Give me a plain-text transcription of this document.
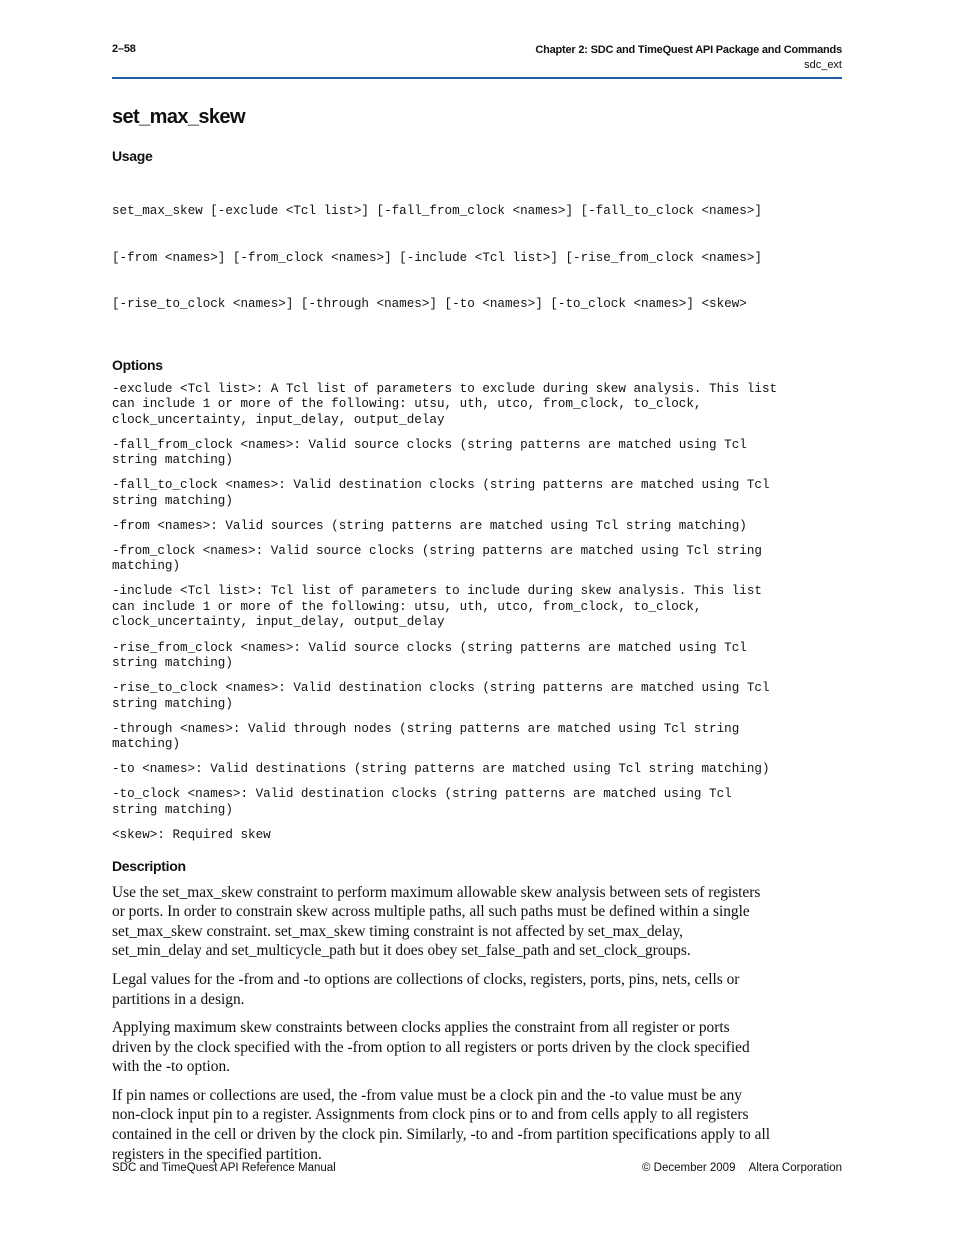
2–58	Chapter 2: SDC and TimeQuest API Package and Commands
sdc_ext
set_max_skew
Usage

set_max_skew [-exclude <Tcl list>] [-fall_from_clock <names>] [-fall_to_clock <names>]

[-from <names>] [-from_clock <names>] [-include <Tcl list>] [-rise_from_clock <names>]

[-rise_to_clock <names>] [-through <names>] [-to <names>] [-to_clock <names>] <skew>

Options
-exclude <Tcl list>: A Tcl list of parameters to exclude during skew analysis. This list
can include 1 or more of the following: utsu, uth, utco, from_clock, to_clock,
clock_uncertainty, input_delay, output_delay
-fall_from_clock <names>: Valid source clocks (string patterns are matched using Tcl
string matching)
-fall_to_clock <names>: Valid destination clocks (string patterns are matched using Tcl
string matching)
-from <names>: Valid sources (string patterns are matched using Tcl string matching)
-from_clock <names>: Valid source clocks (string patterns are matched using Tcl string
matching)
-include <Tcl list>: Tcl list of parameters to include during skew analysis. This list
can include 1 or more of the following: utsu, uth, utco, from_clock, to_clock,
clock_uncertainty, input_delay, output_delay
-rise_from_clock <names>: Valid source clocks (string patterns are matched using Tcl
string matching)
-rise_to_clock <names>: Valid destination clocks (string patterns are matched using Tcl
string matching)
-through <names>: Valid through nodes (string patterns are matched using Tcl string
matching)
-to <names>: Valid destinations (string patterns are matched using Tcl string matching)
-to_clock <names>: Valid destination clocks (string patterns are matched using Tcl
string matching)
<skew>: Required skew
Description
Use the set_max_skew constraint to perform maximum allowable skew analysis between sets of registers
or ports. In order to constrain skew across multiple paths, all such paths must be defined within a single
set_max_skew constraint. set_max_skew timing constraint is not affected by set_max_delay,
set_min_delay and set_multicycle_path but it does obey set_false_path and set_clock_groups.
Legal values for the -from and -to options are collections of clocks, registers, ports, pins, nets, cells or
partitions in a design.
Applying maximum skew constraints between clocks applies the constraint from all register or ports
driven by the clock specified with the -from option to all registers or ports driven by the clock specified
with the -to option.
If pin names or collections are used, the -from value must be a clock pin and the -to value must be any
non-clock input pin to a register. Assignments from clock pins or to and from cells apply to all registers
contained in the cell or driven by the clock pin. Similarly, -to and -from partition specifications apply to all
registers in the specified partition.
SDC and TimeQuest API Reference Manual	© December 2009 Altera Corporation
